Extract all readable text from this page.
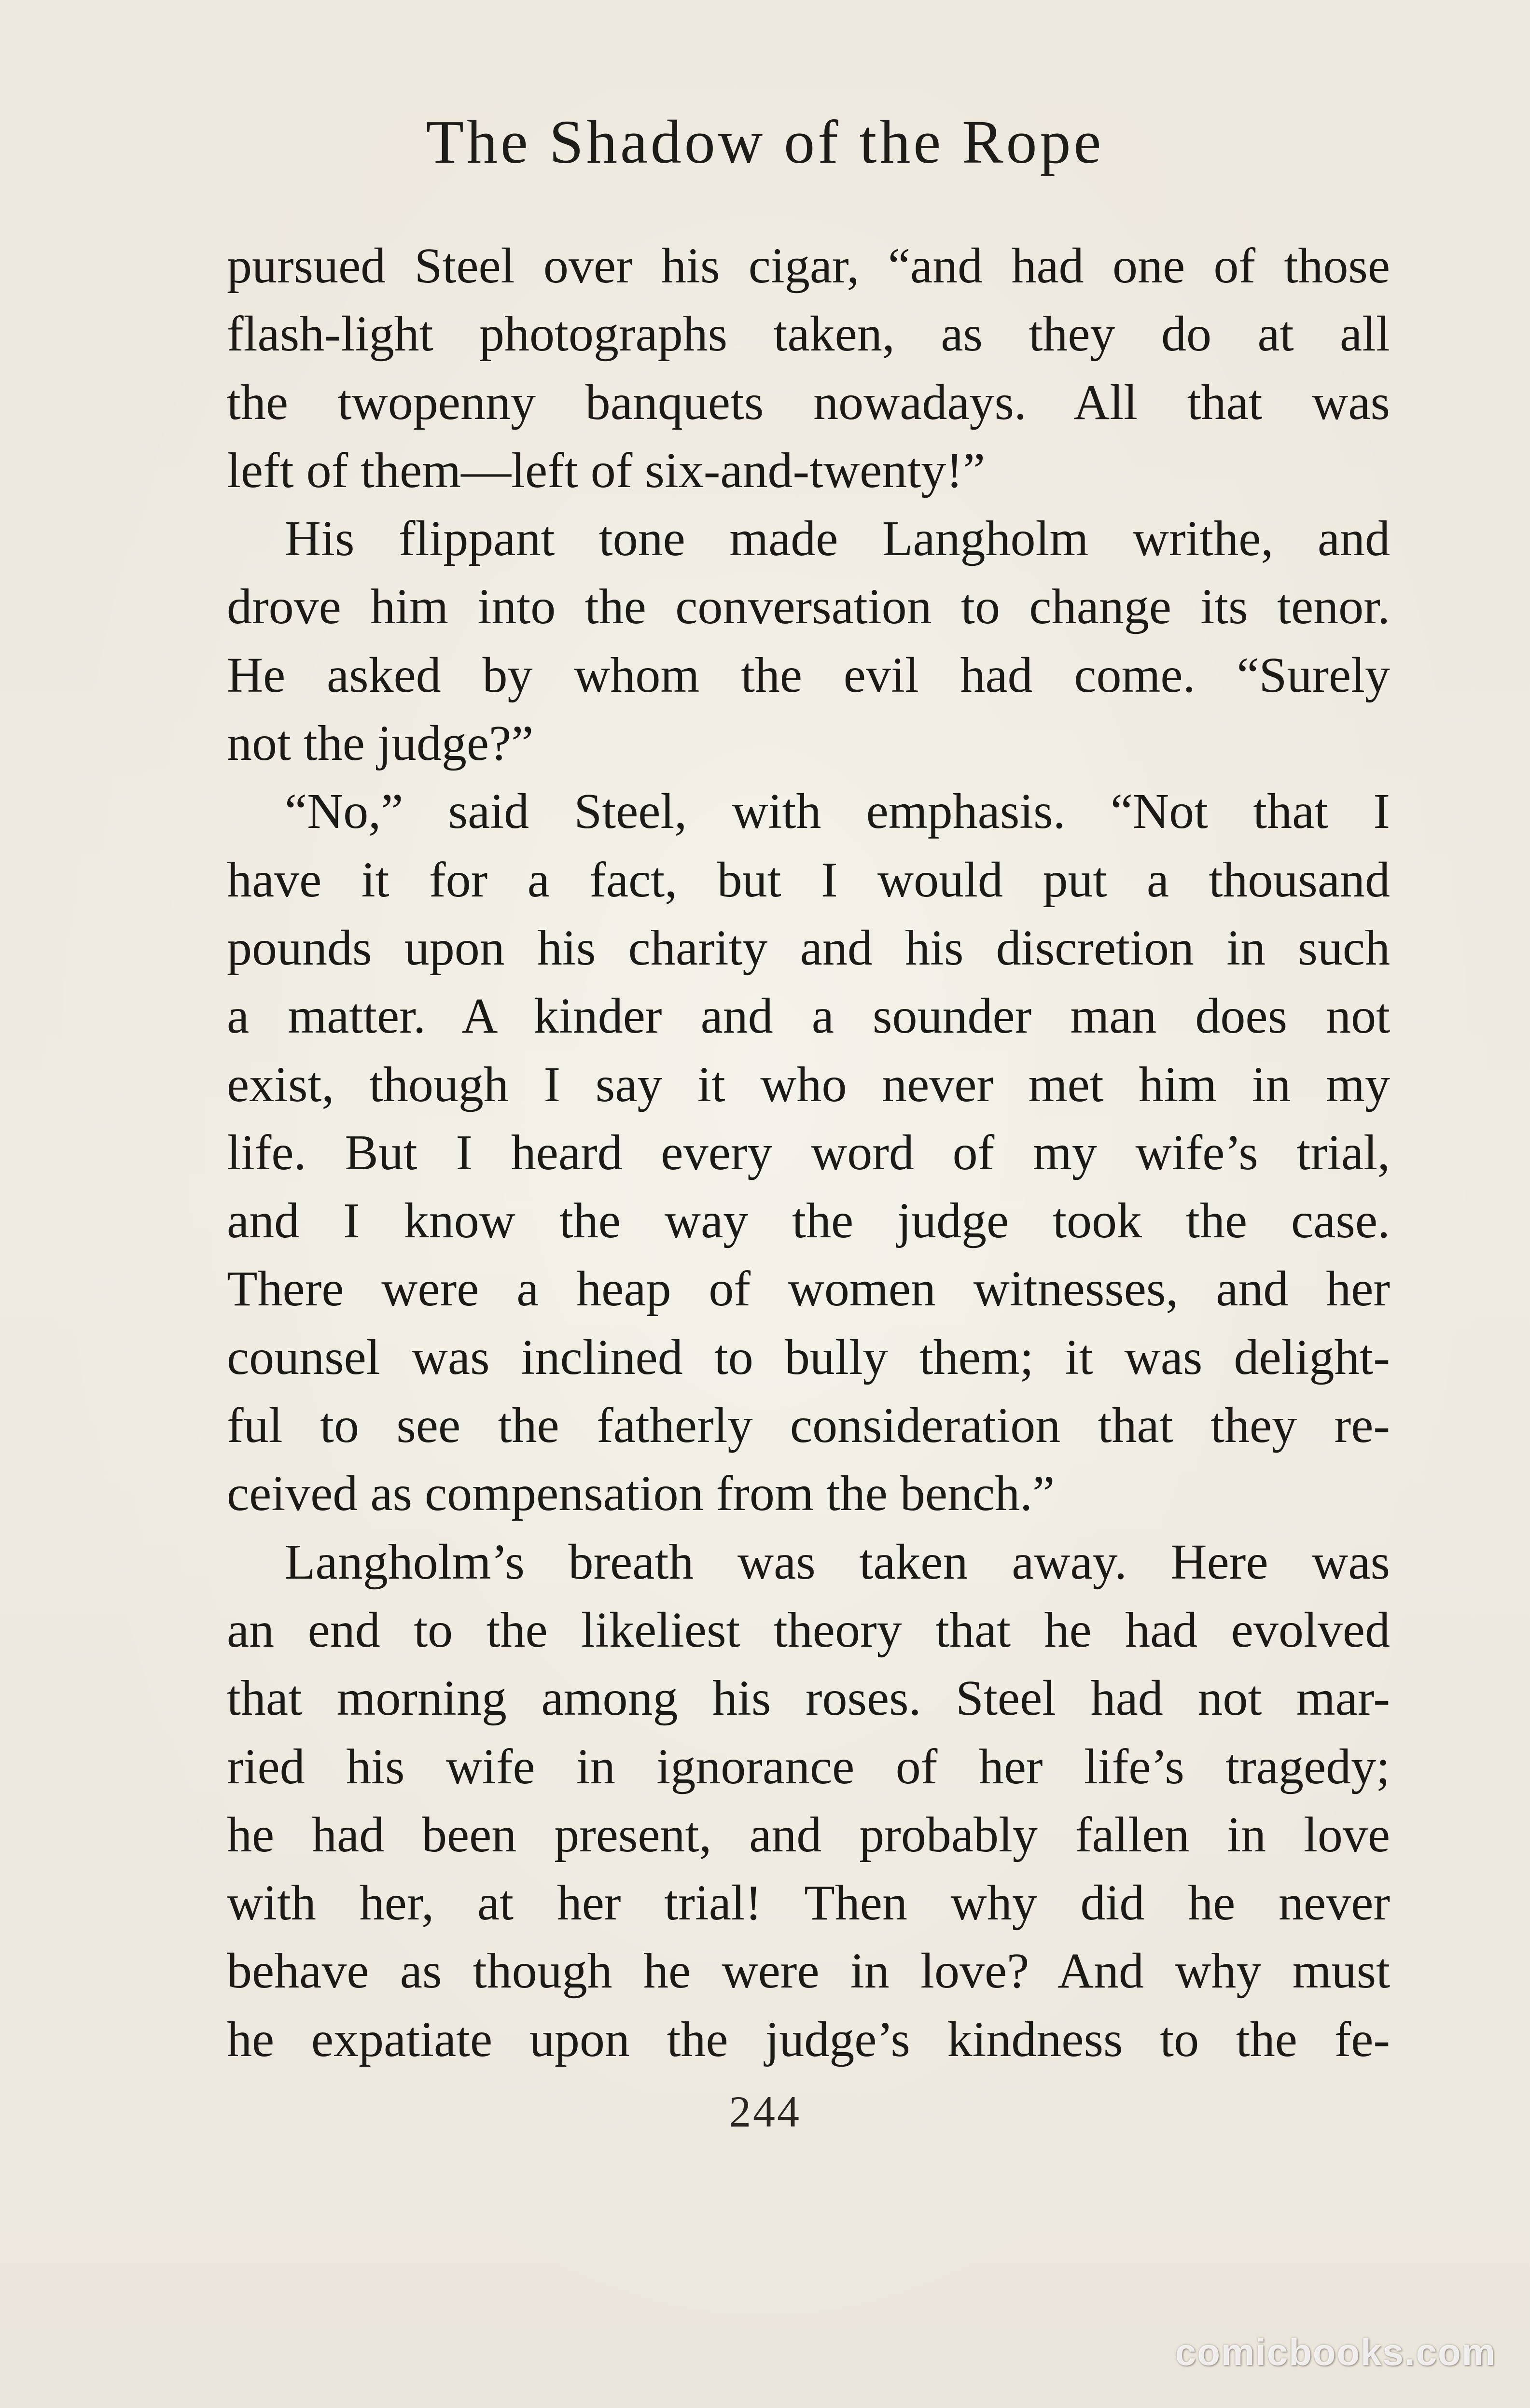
The Shadow of the Rope
pursued Steel over his cigar, “and had one of those
flash-light photographs taken, as they do at all
the twopenny banquets nowadays. All that was
left of them—left of six-and-twenty!”
His flippant tone made Langholm writhe, and
drove him into the conversation to change its tenor.
He asked by whom the evil had come. “Surely
not the judge?”
“No,” said Steel, with emphasis. “Not that I
have it for a fact, but I would put a thousand
pounds upon his charity and his discretion in such
a matter. A kinder and a sounder man does not
exist, though I say it who never met him in my
life. But I heard every word of my wife’s trial,
and I know the way the judge took the case.
There were a heap of women witnesses, and her
counsel was inclined to bully them; it was delight-
ful to see the fatherly consideration that they re-
ceived as compensation from the bench.”
Langholm’s breath was taken away. Here was
an end to the likeliest theory that he had evolved
that morning among his roses. Steel had not mar-
ried his wife in ignorance of her life’s tragedy;
he had been present, and probably fallen in love
with her, at her trial! Then why did he never
behave as though he were in love? And why must
he expatiate upon the judge’s kindness to the fe-
244
comicbooks.com
